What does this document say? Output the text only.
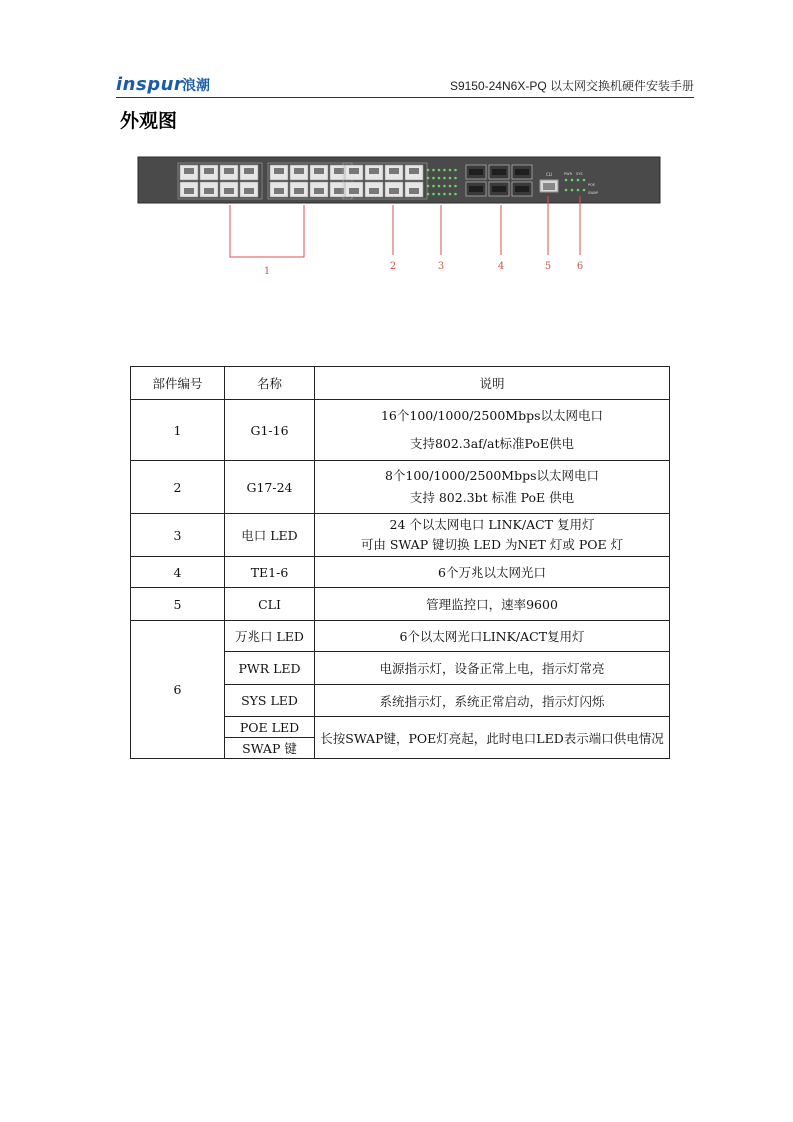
inspur
浪潮	S9150-24N6X-PQ 以太网交换机硬件安装手册
外观图
CLI	PWR SYS
POE
SWAP
1	2	3	4	5	6
部件编号	名称	说明
1	G1-16	16个100/1000/2500Mbps以太网电口
支持802.3af/at标准PoE供电

2	G17-24	8个100/1000/2500Mbps以太网电口
支持 802.3bt 标准 PoE 供电

3	电口 LED	24 个以太网电口 LINK/ACT 复用灯
可由 SWAP 键切换 LED 为NET 灯或 POE 灯

4	TE1-6	6个万兆以太网光口
5	CLI	管理监控口，速率9600
6	万兆口 LED	6个以太网光口LINK/ACT复用灯
	PWR LED	电源指示灯，设备正常上电，指示灯常亮
	SYS LED	系统指示灯，系统正常启动，指示灯闪烁
	POE LED	长按SWAP键，POE灯亮起，此时电口LED表示端口供电情况
	SWAP 键	
